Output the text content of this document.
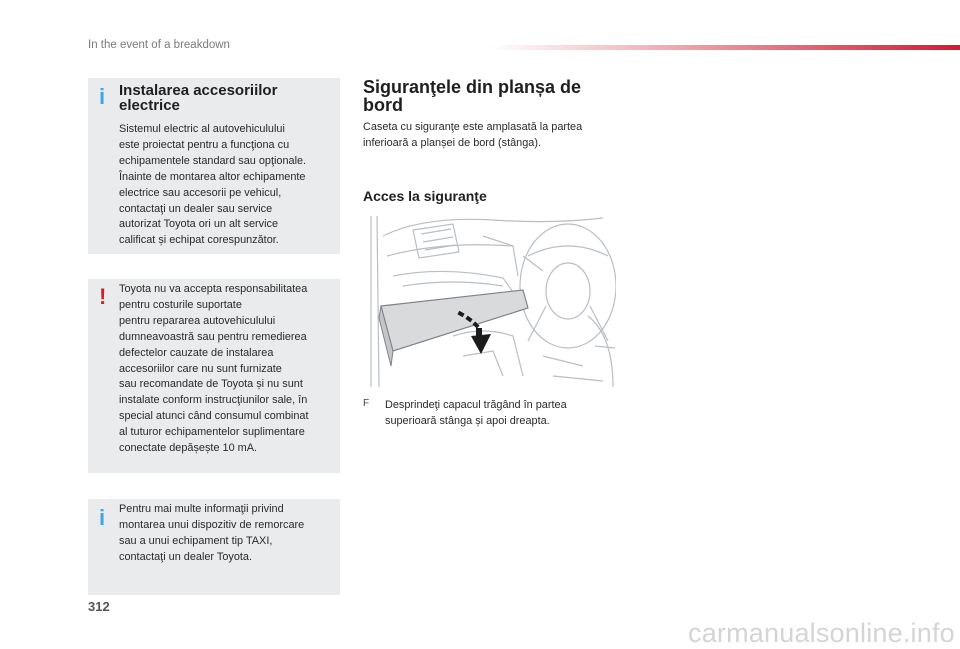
In the event of a breakdown
i Instalarea accesoriilor
electrice
Sistemul electric al autovehiculului
este proiectat pentru a funcţiona cu
echipamentele standard sau opţionale.
Înainte de montarea altor echipamente
electrice sau accesorii pe vehicul,
contactaţi un dealer sau service
autorizat Toyota ori un alt service
calificat și echipat corespunzător.
! Toyota nu va accepta responsabilitatea
pentru costurile suportate
pentru repararea autovehiculului
dumneavoastră sau pentru remedierea
defectelor cauzate de instalarea
accesoriilor care nu sunt furnizate
sau recomandate de Toyota și nu sunt
instalate conform instrucţiunilor sale, în
special atunci când consumul combinat
al tuturor echipamentelor suplimentare
conectate depășește 10 mA.
i Pentru mai multe informaţii privind
montarea unui dispozitiv de remorcare
sau a unui echipament tip TAXI,
contactaţi un dealer Toyota.
Siguranţele din planșa de
bord
Caseta cu siguranţe este amplasată la partea
inferioară a planșei de bord (stânga).
Acces la siguranţe
F Desprindeţi capacul trăgând în partea
superioară stânga și apoi dreapta.
312
carmanualsonline.info
